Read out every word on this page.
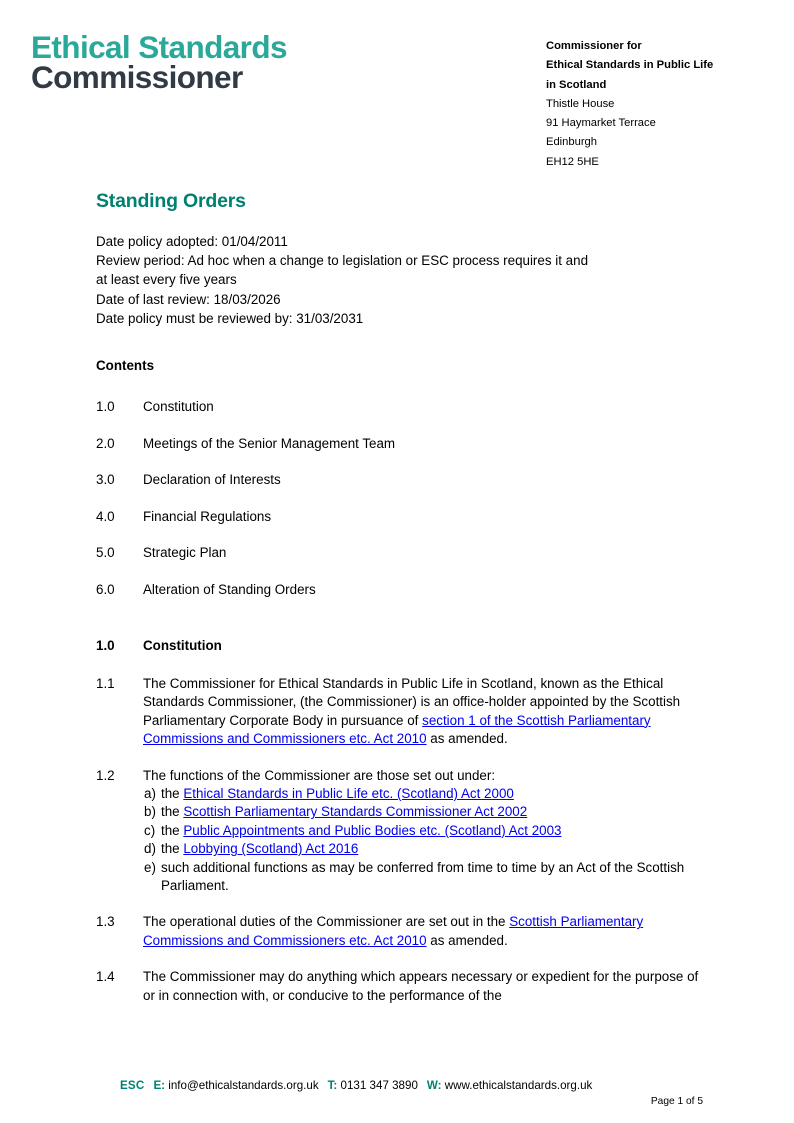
Ethical Standards
Commissioner
Commissioner for
Ethical Standards in Public Life
in Scotland
Thistle House
91 Haymarket Terrace
Edinburgh
EH12 5HE
Standing Orders
Date policy adopted: 01/04/2011
Review period: Ad hoc when a change to legislation or ESC process requires it and
at least every five years
Date of last review: 18/03/2026
Date policy must be reviewed by: 31/03/2031
Contents
1.0	Constitution
2.0	Meetings of the Senior Management Team
3.0	Declaration of Interests
4.0	Financial Regulations
5.0	Strategic Plan
6.0	Alteration of Standing Orders
1.0	Constitution
1.1	The Commissioner for Ethical Standards in Public Life in Scotland, known as the Ethical Standards Commissioner, (the Commissioner) is an office-holder appointed by the Scottish Parliamentary Corporate Body in pursuance of section 1 of the Scottish Parliamentary Commissions and Commissioners etc. Act 2010 as amended.
1.2	The functions of the Commissioner are those set out under:
a) the Ethical Standards in Public Life etc. (Scotland) Act 2000
b) the Scottish Parliamentary Standards Commissioner Act 2002
c) the Public Appointments and Public Bodies etc. (Scotland) Act 2003
d) the Lobbying (Scotland) Act 2016
e) such additional functions as may be conferred from time to time by an Act of the Scottish Parliament.
1.3	The operational duties of the Commissioner are set out in the Scottish Parliamentary Commissions and Commissioners etc. Act 2010 as amended.
1.4	The Commissioner may do anything which appears necessary or expedient for the purpose of or in connection with, or conducive to the performance of the
ESC E: info@ethicalstandards.org.uk T: 0131 347 3890 W: www.ethicalstandards.org.uk
Page 1 of 5
